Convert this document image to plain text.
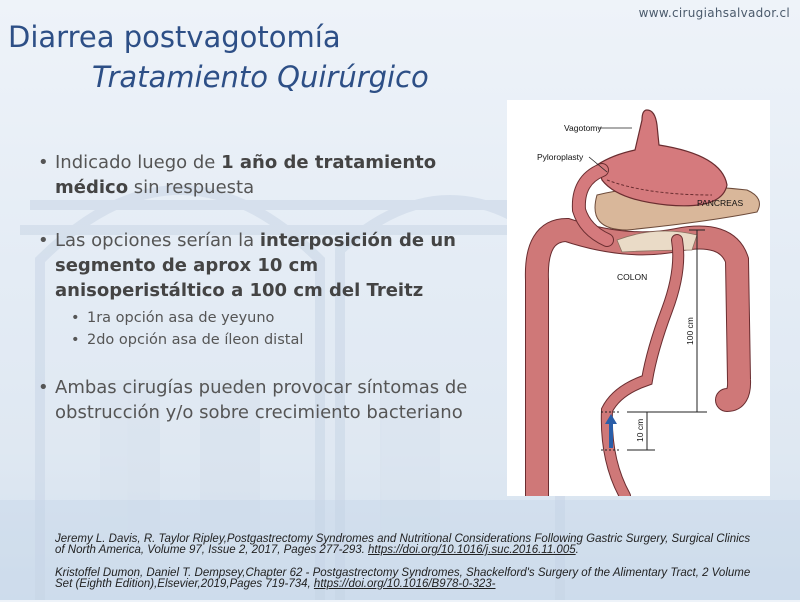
www.cirugiahsalvador.cl
Diarrea postvagotomía
Tratamiento Quirúrgico
• Indicado luego de 1 año de tratamiento médico sin respuesta
• Las opciones serían la interposición de un segmento de aprox 10 cm anisoperistáltico a 100 cm del Treitz
• 1ra opción asa de yeyuno
• 2do opción asa de íleon distal
• Ambas cirugías pueden provocar síntomas de obstrucción y/o sobre crecimiento bacteriano
Vagotomy
Pyloroplasty
PANCREAS
COLON
100 cm
10 cm
Jeremy L. Davis, R. Taylor Ripley,Postgastrectomy Syndromes and Nutritional Considerations Following Gastric Surgery, Surgical Clinics of North America, Volume 97, Issue 2, 2017, Pages 277-293. https://doi.org/10.1016/j.suc.2016.11.005.
Kristoffel Dumon, Daniel T. Dempsey,Chapter 62 - Postgastrectomy Syndromes, Shackelford's Surgery of the Alimentary Tract, 2 Volume Set (Eighth Edition),Elsevier,2019,Pages 719-734, https://doi.org/10.1016/B978-0-323-
